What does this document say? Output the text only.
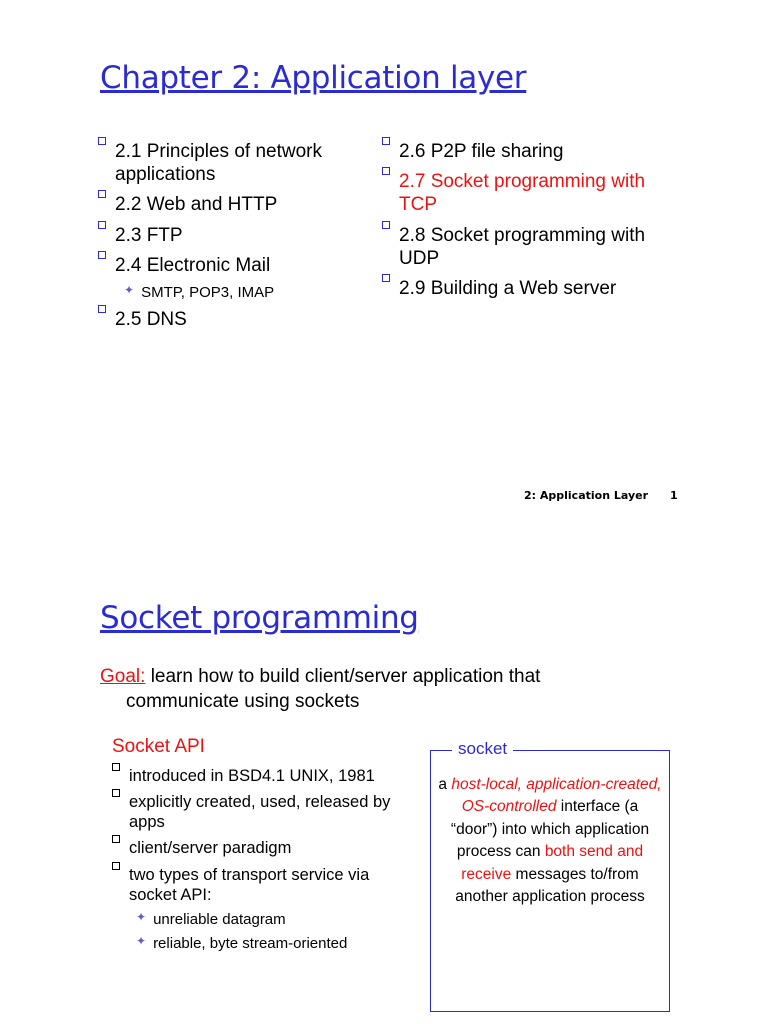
Chapter 2: Application layer
2.1 Principles of network applications
2.2 Web and HTTP
2.3 FTP
2.4 Electronic Mail
✦ SMTP, POP3, IMAP
2.5 DNS
2.6 P2P file sharing
2.7 Socket programming with TCP
2.8 Socket programming with UDP
2.9 Building a Web server
2: Application Layer 1
Socket programming
Goal: learn how to build client/server application that
communicate using sockets
Socket API
introduced in BSD4.1 UNIX, 1981
explicitly created, used, released by apps
client/server paradigm
two types of transport service via socket API:
✦ unreliable datagram
✦ reliable, byte stream-oriented
socket
a host-local, application-created, OS-controlled interface (a “door”) into which application process can both send and receive messages to/from another application process
